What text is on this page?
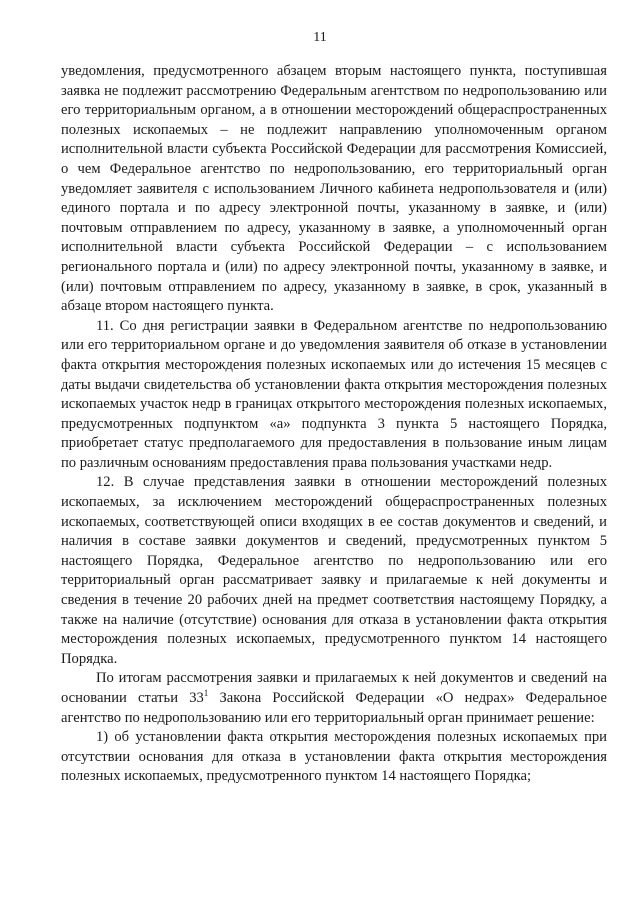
11

уведомления, предусмотренного абзацем вторым настоящего пункта, поступившая заявка не подлежит рассмотрению Федеральным агентством по недропользованию или его территориальным органом, а в отношении месторождений общераспространенных полезных ископаемых – не подлежит направлению уполномоченным органом исполнительной власти субъекта Российской Федерации для рассмотрения Комиссией, о чем Федеральное агентство по недропользованию, его территориальный орган уведомляет заявителя с использованием Личного кабинета недропользователя и (или) единого портала и по адресу электронной почты, указанному в заявке, и (или) почтовым отправлением по адресу, указанному в заявке, а уполномоченный орган исполнительной власти субъекта Российской Федерации – с использованием регионального портала и (или) по адресу электронной почты, указанному в заявке, и (или) почтовым отправлением по адресу, указанному в заявке, в срок, указанный в абзаце втором настоящего пункта.

11. Со дня регистрации заявки в Федеральном агентстве по недропользованию или его территориальном органе и до уведомления заявителя об отказе в установлении факта открытия месторождения полезных ископаемых или до истечения 15 месяцев с даты выдачи свидетельства об установлении факта открытия месторождения полезных ископаемых участок недр в границах открытого месторождения полезных ископаемых, предусмотренных подпунктом «а» подпункта 3 пункта 5 настоящего Порядка, приобретает статус предполагаемого для предоставления в пользование иным лицам по различным основаниям предоставления права пользования участками недр.

12. В случае представления заявки в отношении месторождений полезных ископаемых, за исключением месторождений общераспространенных полезных ископаемых, соответствующей описи входящих в ее состав документов и сведений, и наличия в составе заявки документов и сведений, предусмотренных пунктом 5 настоящего Порядка, Федеральное агентство по недропользованию или его территориальный орган рассматривает заявку и прилагаемые к ней документы и сведения в течение 20 рабочих дней на предмет соответствия настоящему Порядку, а также на наличие (отсутствие) основания для отказа в установлении факта открытия месторождения полезных ископаемых, предусмотренного пунктом 14 настоящего Порядка.

По итогам рассмотрения заявки и прилагаемых к ней документов и сведений на основании статьи $33^1$ Закона Российской Федерации «О недрах» Федеральное агентство по недропользованию или его территориальный орган принимает решение:

1) об установлении факта открытия месторождения полезных ископаемых при отсутствии основания для отказа в установлении факта открытия месторождения полезных ископаемых, предусмотренного пунктом 14 настоящего Порядка;
